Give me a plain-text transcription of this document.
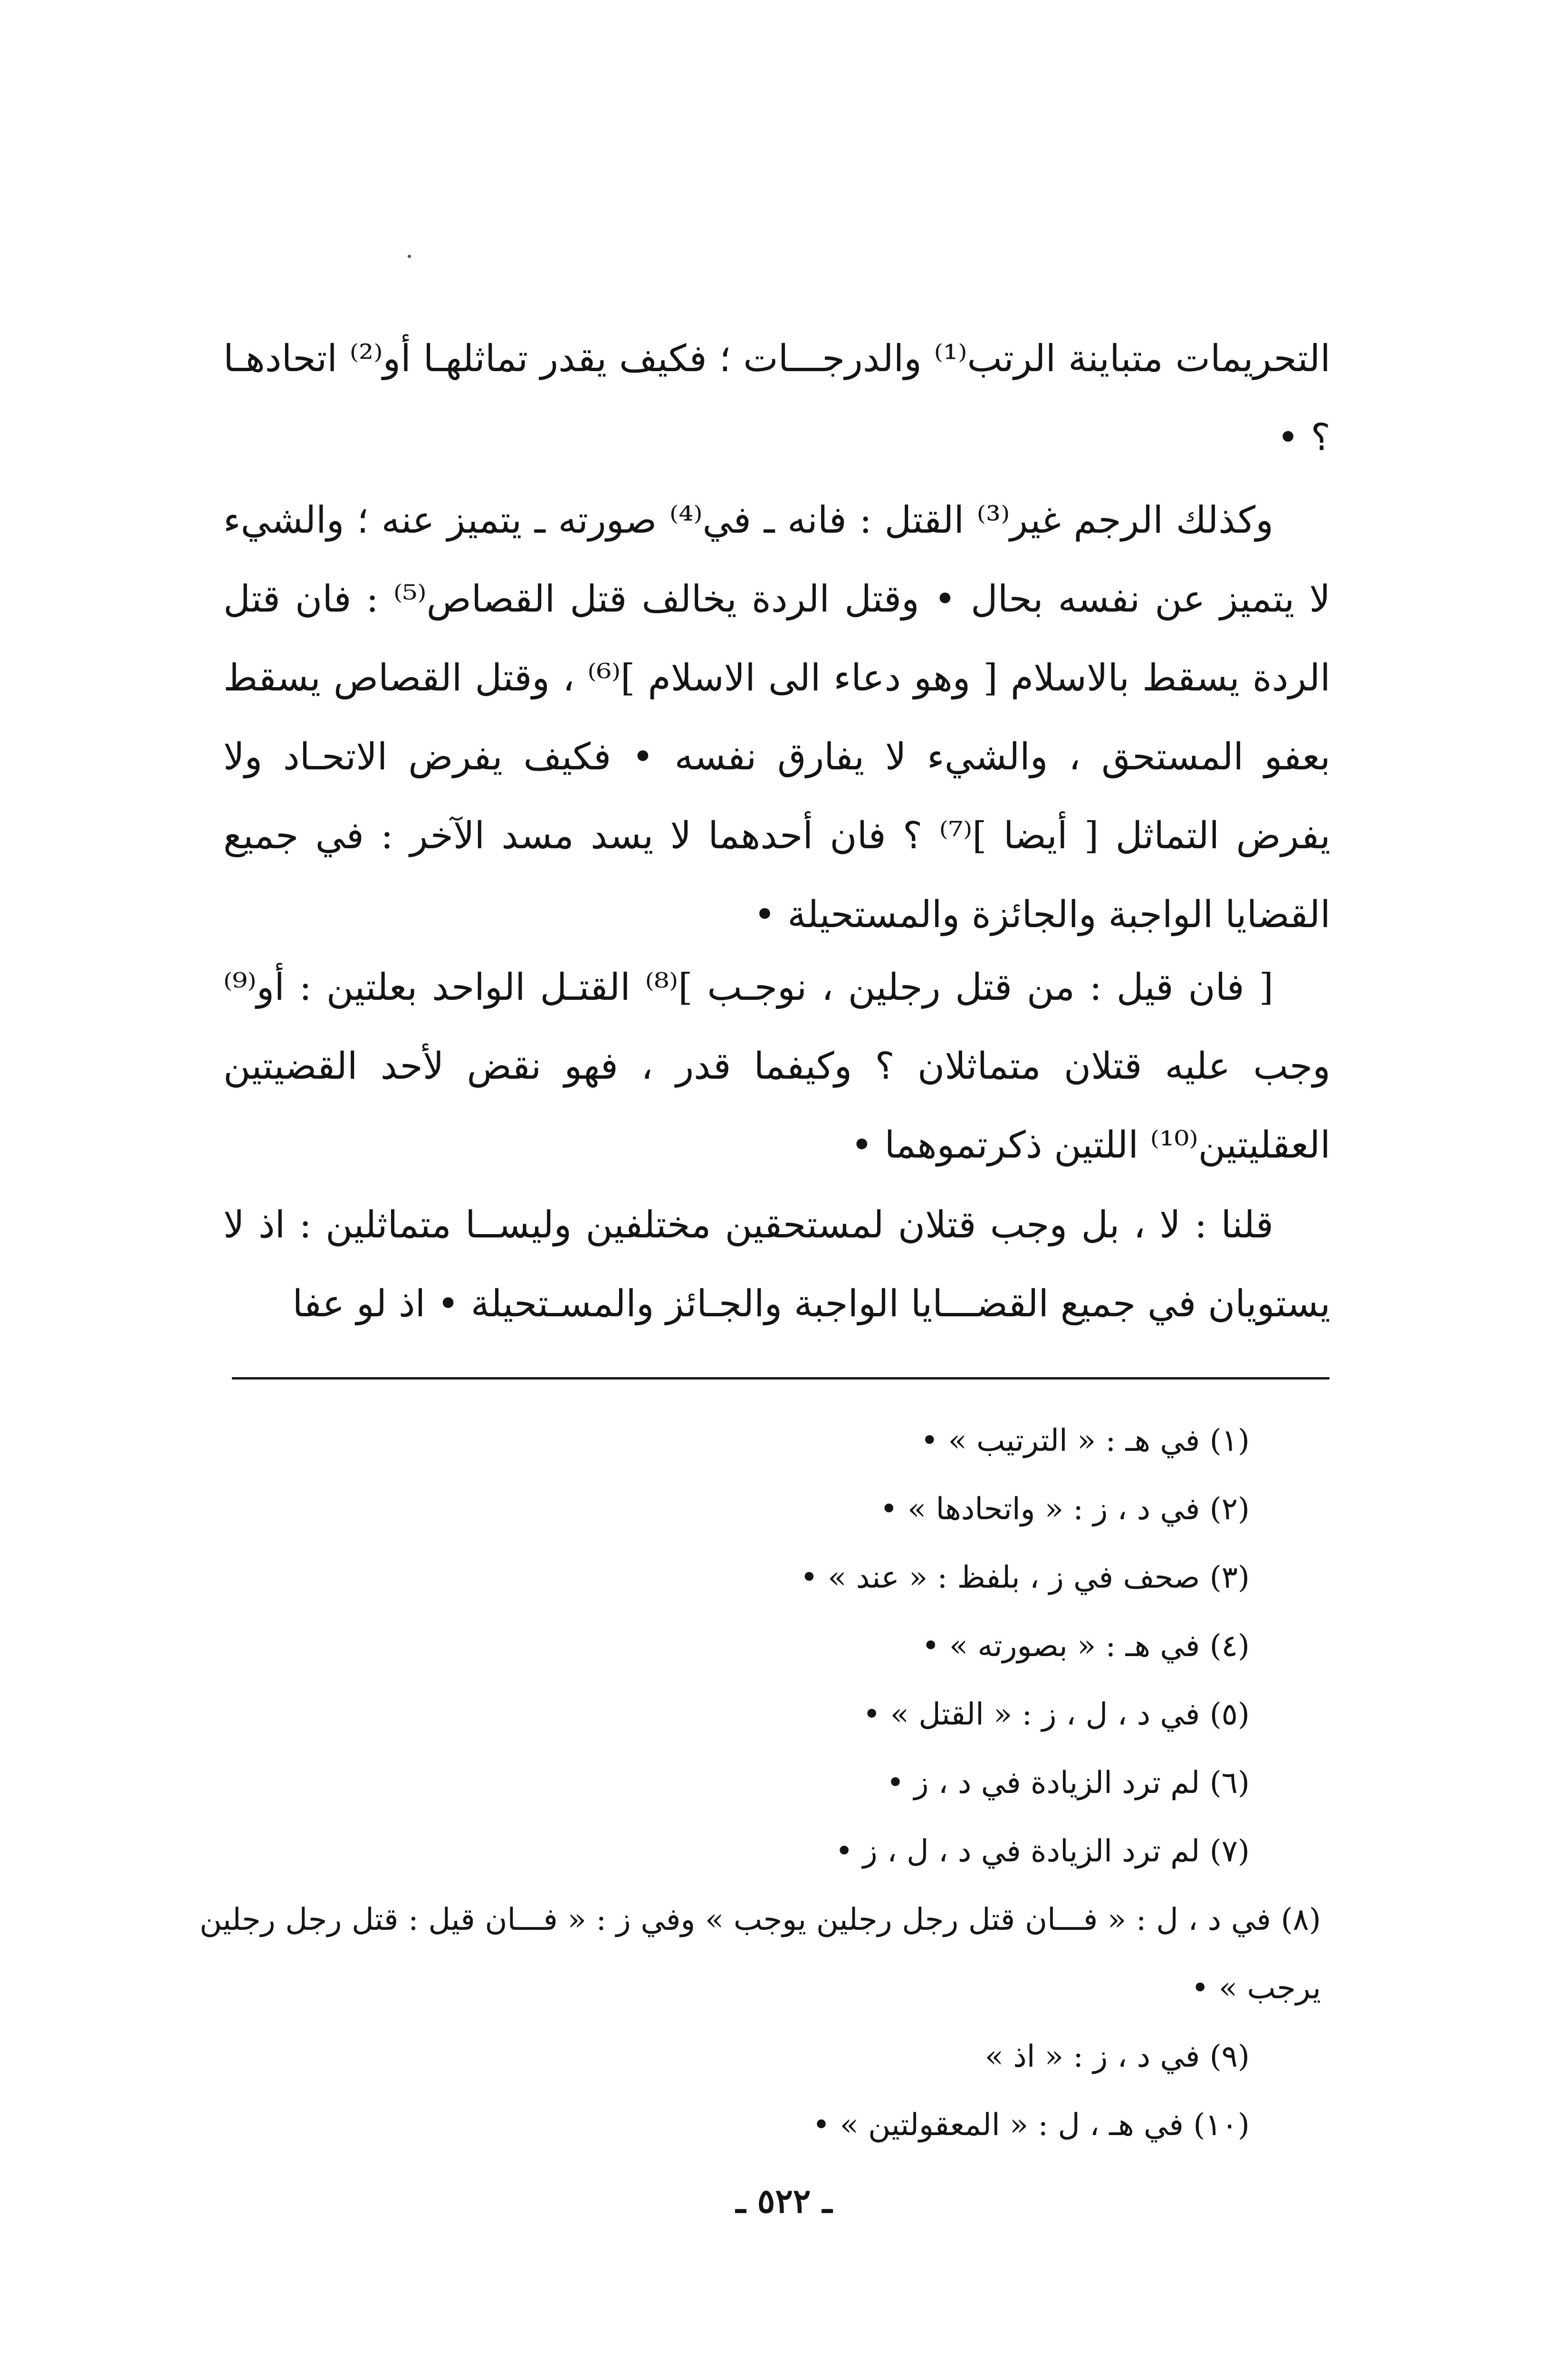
التحريمات متباينة الرتب⁽¹⁾ والدرجـــات ؛ فكيف يقدر تماثلهـا أو⁽²⁾ اتحادهـا ؟ •
وكذلك الرجم غير⁽³⁾ القتل : فانه ـ في⁽⁴⁾ صورته ـ يتميز عنه ؛ والشيء لا يتميز عن نفسه بحال • وقتل الردة يخالف قتل القصاص⁽⁵⁾ : فان قتل الردة يسقط بالاسلام [ وهو دعاء الى الاسلام ]⁽⁶⁾ ، وقتل القصاص يسقط بعفو المستحق ، والشيء لا يفارق نفسه • فكيف يفرض الاتحـاد ولا يفرض التماثل [ أيضا ]⁽⁷⁾ ؟ فان أحدهما لا يسد مسد الآخر : في جميع القضايا الواجبة والجائزة والمستحيلة •
[ فان قيل : من قتل رجلين ، نوجـب ]⁽⁸⁾ القتـل الواحد بعلتين : أو⁽⁹⁾ وجب عليه قتلان متماثلان ؟ وكيفما قدر ، فهو نقض لأحد القضيتين العقليتين⁽¹⁰⁾ اللتين ذكرتموهما •
قلنا : لا ، بل وجب قتلان لمستحقين مختلفين وليســا متماثلين : اذ لا يستويان في جميع القضـــايا الواجبة والجـائز والمسـتحيلة • اذ لو عفا
(١) في هـ : « الترتيب » •
(٢) في د ، ز : « واتحادها » •
(٣) صحف في ز ، بلفظ : « عند » •
(٤) في هـ : « بصورته » •
(٥) في د ، ل ، ز : « القتل » •
(٦) لم ترد الزيادة في د ، ز •
(٧) لم ترد الزيادة في د ، ل ، ز •
(٨) في د ، ل : « فـــان قتل رجل رجلين يوجب » وفي ز : « فـــان قيل : قتل رجل رجلين يرجب » •
(٩) في د ، ز : « اذ »
(١٠) في هـ ، ل : « المعقولتين » •
ـ ٥٢٢ ـ
